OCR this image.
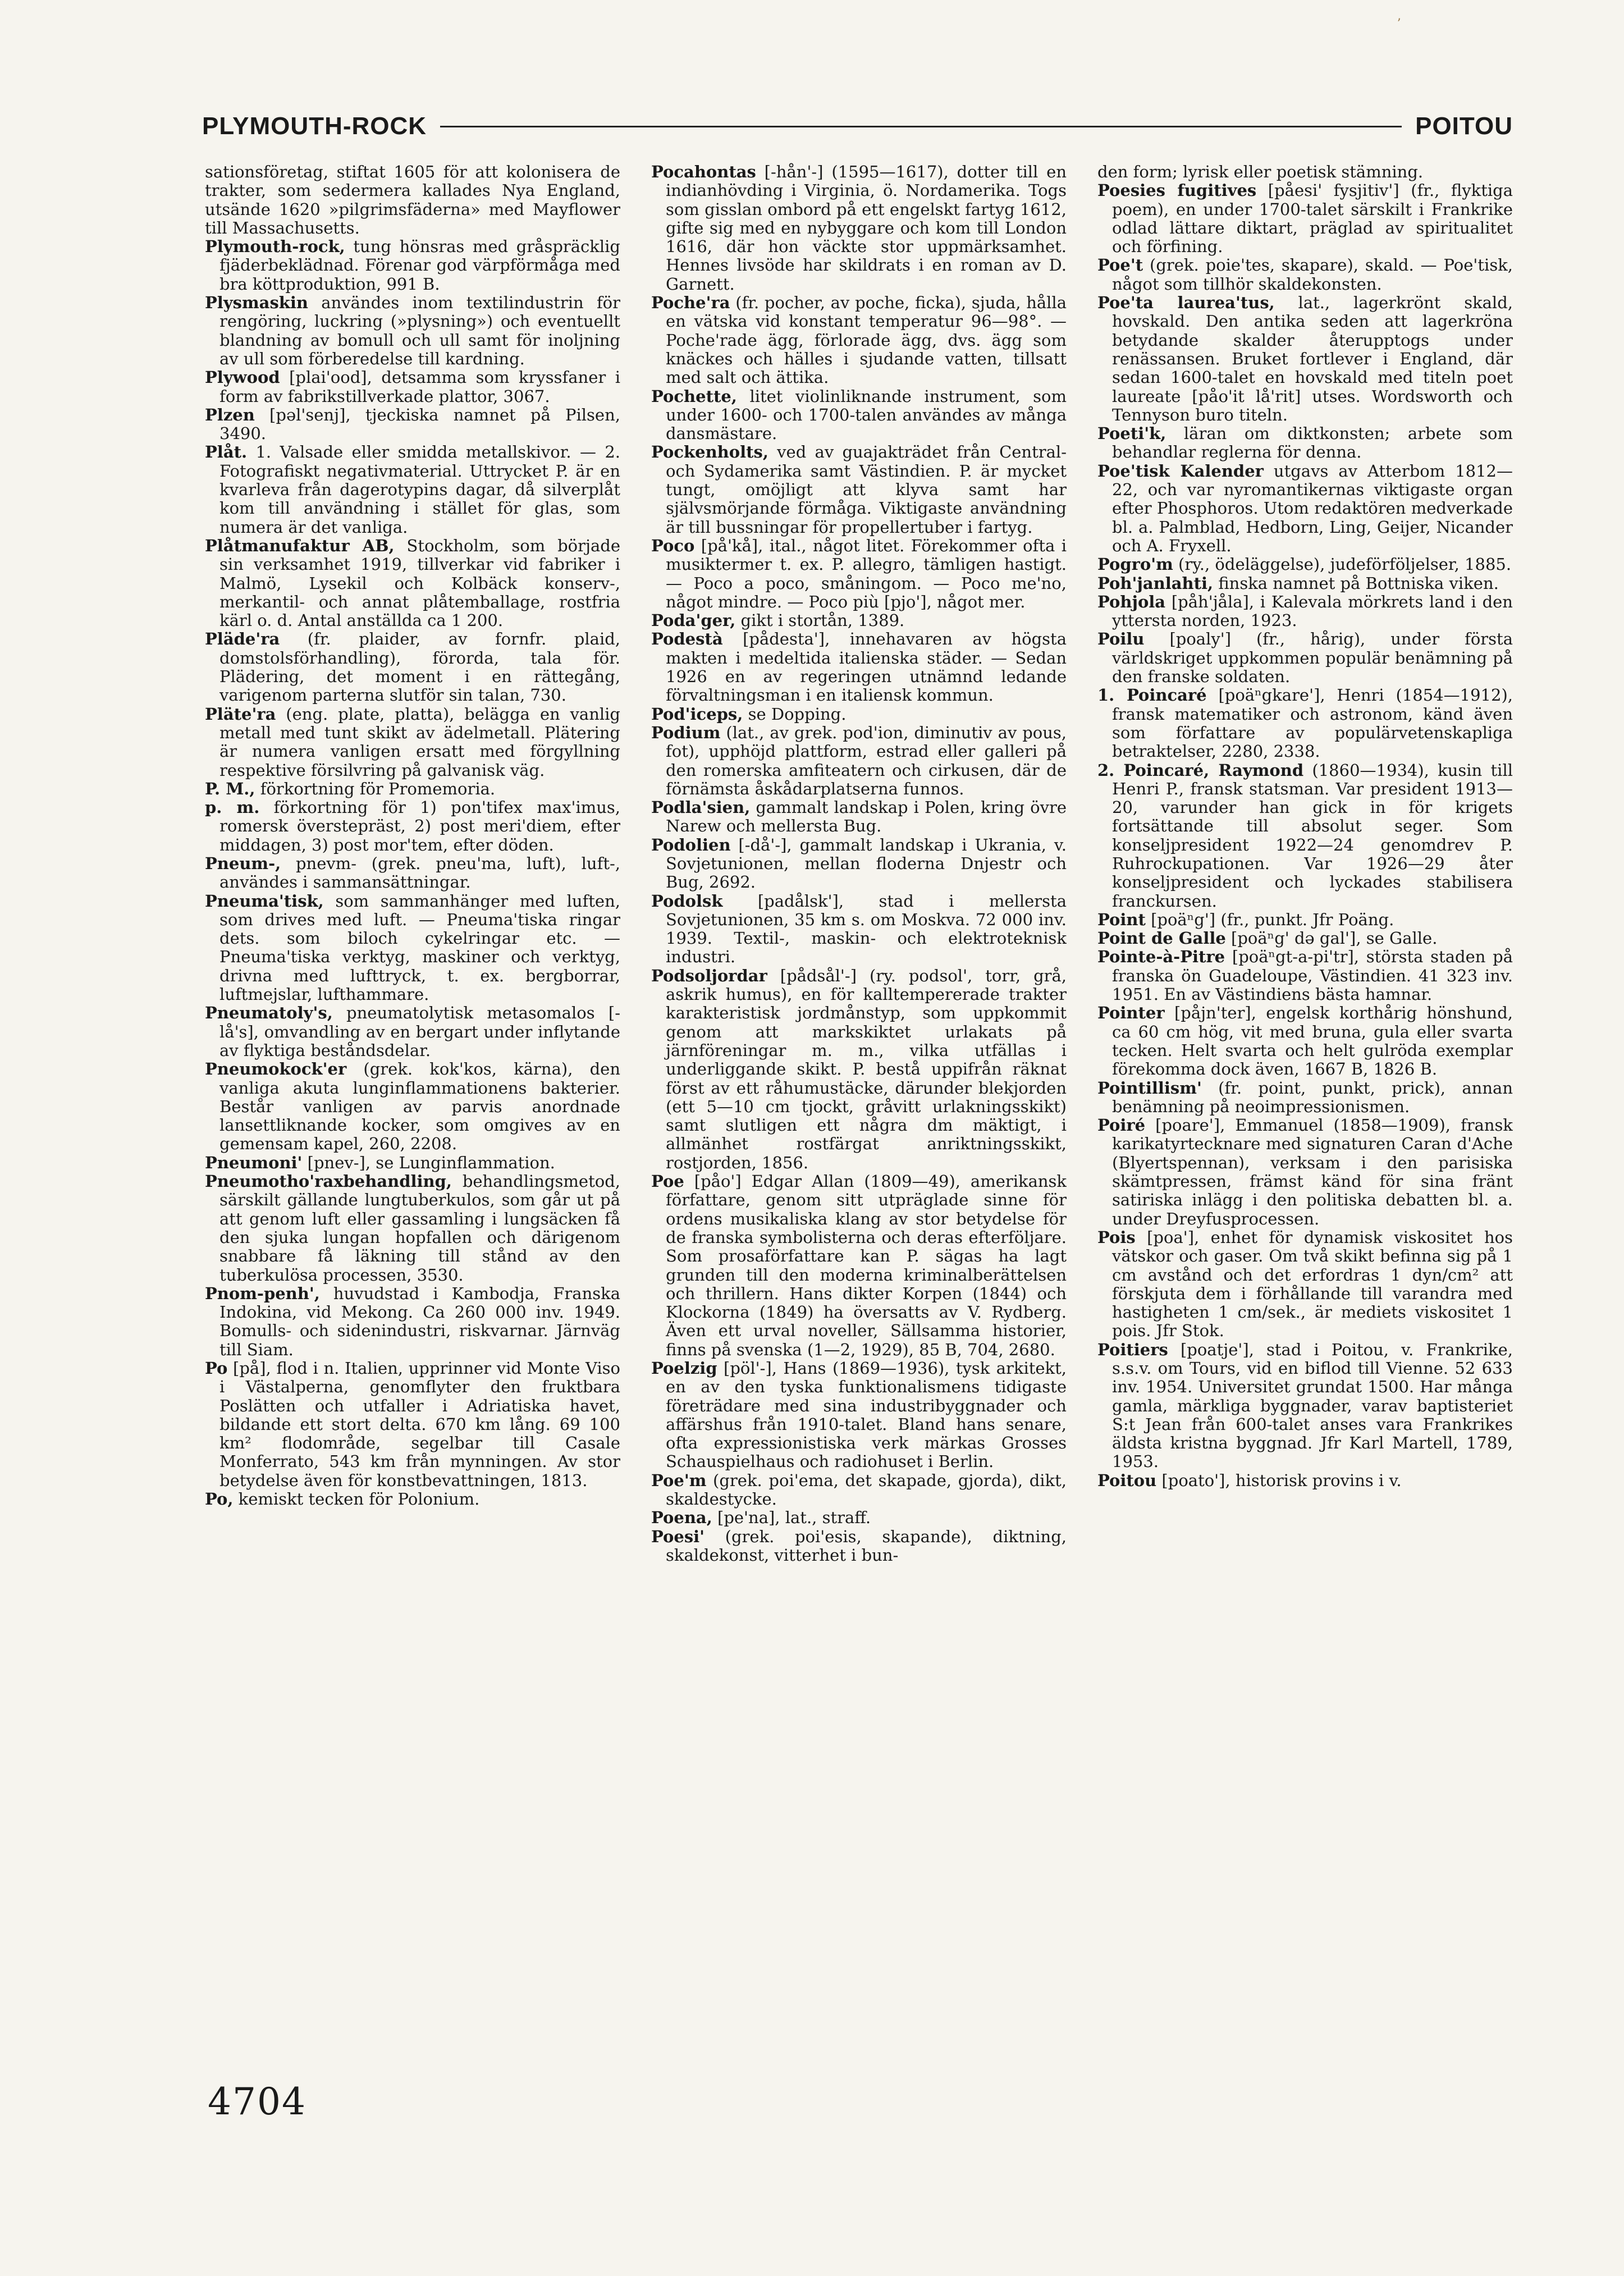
ʼ
PLYMOUTH-ROCK	POITOU

sationsföretag, stiftat 1605 för att kolonisera de trakter, som sedermera kallades Nya England, utsände 1620 »pilgrimsfäderna» med Mayflower till Massachusetts.

Plymouth-rock, tung hönsras med gråspräcklig fjäderbeklädnad. Förenar god värpförmåga med bra köttproduktion, 991 B.

Plysmaskin användes inom textilindustrin för rengöring, luckring (»plysning») och eventuellt blandning av bomull och ull samt för inoljning av ull som förberedelse till kardning.

Plywood [plai'ood], detsamma som kryssfaner i form av fabrikstillverkade plattor, 3067.

Plzen [pəl'senj], tjeckiska namnet på Pilsen, 3490.

Plåt. 1. Valsade eller smidda metallskivor. — 2. Fotografiskt negativmaterial. Uttrycket P. är en kvarleva från dagerotypins dagar, då silverplåt kom till användning i stället för glas, som numera är det vanliga.

Plåtmanufaktur AB, Stockholm, som började sin verksamhet 1919, tillverkar vid fabriker i Malmö, Lysekil och Kolbäck konserv-, merkantil- och annat plåtemballage, rostfria kärl o. d. Antal anställda ca 1 200.

Pläde'ra (fr. plaider, av fornfr. plaid, domstolsförhandling), förorda, tala för. Plädering, det moment i en rättegång, varigenom parterna slutför sin talan, 730.

Pläte'ra (eng. plate, platta), belägga en vanlig metall med tunt skikt av ädelmetall. Plätering är numera vanligen ersatt med förgyllning respektive försilvring på galvanisk väg.

P. M., förkortning för Promemoria.

p. m. förkortning för 1) pon'tifex max'imus, romersk överstepräst, 2) post meri'diem, efter middagen, 3) post mor'tem, efter döden.

Pneum-, pnevm- (grek. pneu'ma, luft), luft-, användes i sammansättningar.

Pneuma'tisk, som sammanhänger med luften, som drives med luft. — Pneuma'tiska ringar dets. som biloch cykelringar etc. — Pneuma'tiska verktyg, maskiner och verktyg, drivna med lufttryck, t. ex. bergborrar, luftmejslar, lufthammare.

Pneumatoly's, pneumatolytisk metasomalos [-lå's], omvandling av en bergart under inflytande av flyktiga beståndsdelar.

Pneumokock'er (grek. kok'kos, kärna), den vanliga akuta lunginflammationens bakterier. Består vanligen av parvis anordnade lansettliknande kocker, som omgives av en gemensam kapel, 260, 2208.

Pneumoni' [pnev-], se Lunginflammation.

Pneumotho'raxbehandling, behandlingsmetod, särskilt gällande lungtuberkulos, som går ut på att genom luft eller gassamling i lungsäcken få den sjuka lungan hopfallen och därigenom snabbare få läkning till stånd av den tuberkulösa processen, 3530.

Pnom-penh', huvudstad i Kambodja, Franska Indokina, vid Mekong. Ca 260 000 inv. 1949. Bomulls- och sidenindustri, riskvarnar. Järnväg till Siam.

Po [på], flod i n. Italien, upprinner vid Monte Viso i Västalperna, genomflyter den fruktbara Poslätten och utfaller i Adriatiska havet, bildande ett stort delta. 670 km lång. 69 100 km² flodområde, segelbar till Casale Monferrato, 543 km från mynningen. Av stor betydelse även för konstbevattningen, 1813.

Po, kemiskt tecken för Polonium.

Pocahontas [-hån'-] (1595—1617), dotter till en indianhövding i Virginia, ö. Nordamerika. Togs som gisslan ombord på ett engelskt fartyg 1612, gifte sig med en nybyggare och kom till London 1616, där hon väckte stor uppmärksamhet. Hennes livsöde har skildrats i en roman av D. Garnett.

Poche'ra (fr. pocher, av poche, ficka), sjuda, hålla en vätska vid konstant temperatur 96—98°. — Poche'rade ägg, förlorade ägg, dvs. ägg som knäckes och hälles i sjudande vatten, tillsatt med salt och ättika.

Pochette, litet violinliknande instrument, som under 1600- och 1700-talen användes av många dansmästare.

Pockenholts, ved av guajakträdet från Central- och Sydamerika samt Västindien. P. är mycket tungt, omöjligt att klyva samt har självsmörjande förmåga. Viktigaste användning är till bussningar för propellertuber i fartyg.

Poco [på'kå], ital., något litet. Förekommer ofta i musiktermer t. ex. P. allegro, tämligen hastigt. — Poco a poco, småningom. — Poco me'no, något mindre. — Poco più [pjo'], något mer.

Poda'ger, gikt i stortån, 1389.

Podestà [pådesta'], innehavaren av högsta makten i medeltida italienska städer. — Sedan 1926 en av regeringen utnämnd ledande förvaltningsman i en italiensk kommun.

Pod'iceps, se Dopping.

Podium (lat., av grek. pod'ion, diminutiv av pous, fot), upphöjd plattform, estrad eller galleri på den romerska amfiteatern och cirkusen, där de förnämsta åskådarplatserna funnos.

Podla'sien, gammalt landskap i Polen, kring övre Narew och mellersta Bug.

Podolien [-då'-], gammalt landskap i Ukrania, v. Sovjetunionen, mellan floderna Dnjestr och Bug, 2692.

Podolsk [padålsk'], stad i mellersta Sovjetunionen, 35 km s. om Moskva. 72 000 inv. 1939. Textil-, maskin- och elektroteknisk industri.

Podsoljordar [pådsål'-] (ry. podsol', torr, grå, askrik humus), en för kalltempererade trakter karakteristisk jordmånstyp, som uppkommit genom att markskiktet urlakats på järnföreningar m. m., vilka utfällas i underliggande skikt. P. bestå uppifrån räknat först av ett råhumustäcke, därunder blekjorden (ett 5—10 cm tjockt, gråvitt urlakningsskikt) samt slutligen ett några dm mäktigt, i allmänhet rostfärgat anriktningsskikt, rostjorden, 1856.

Poe [påo'] Edgar Allan (1809—49), amerikansk författare, genom sitt utpräglade sinne för ordens musikaliska klang av stor betydelse för de franska symbolisterna och deras efterföljare. Som prosaförfattare kan P. sägas ha lagt grunden till den moderna kriminalberättelsen och thrillern. Hans dikter Korpen (1844) och Klockorna (1849) ha översatts av V. Rydberg. Även ett urval noveller, Sällsamma historier, finns på svenska (1—2, 1929), 85 B, 704, 2680.

Poelzig [pöl'-], Hans (1869—1936), tysk arkitekt, en av den tyska funktionalismens tidigaste företrädare med sina industribyggnader och affärshus från 1910-talet. Bland hans senare, ofta expressionistiska verk märkas Grosses Schauspielhaus och radiohuset i Berlin.

Poe'm (grek. poi'ema, det skapade, gjorda), dikt, skaldestycke.

Poena, [pe'na], lat., straff.

Poesi' (grek. poi'esis, skapande), diktning, skaldekonst, vitterhet i bun-

den form; lyrisk eller poetisk stämning.

Poesies fugitives [påesi' fysjitiv'] (fr., flyktiga poem), en under 1700-talet särskilt i Frankrike odlad lättare diktart, präglad av spiritualitet och förfining.

Poe't (grek. poie'tes, skapare), skald. — Poe'tisk, något som tillhör skaldekonsten.

Poe'ta laurea'tus, lat., lagerkrönt skald, hovskald. Den antika seden att lagerkröna betydande skalder återupptogs under renässansen. Bruket fortlever i England, där sedan 1600-talet en hovskald med titeln poet laureate [påo'it lå'rit] utses. Wordsworth och Tennyson buro titeln.

Poeti'k, läran om diktkonsten; arbete som behandlar reglerna för denna.

Poe'tisk Kalender utgavs av Atterbom 1812—22, och var nyromantikernas viktigaste organ efter Phosphoros. Utom redaktören medverkade bl. a. Palmblad, Hedborn, Ling, Geijer, Nicander och A. Fryxell.

Pogro'm (ry., ödeläggelse), judeförföljelser, 1885.

Poh'janlahti, finska namnet på Bottniska viken.

Pohjola [påh'jåla], i Kalevala mörkrets land i den yttersta norden, 1923.

Poilu [poaly'] (fr., hårig), under första världskriget uppkommen populär benämning på den franske soldaten.

1. Poincaré [poäⁿgkare'], Henri (1854—1912), fransk matematiker och astronom, känd även som författare av populärvetenskapliga betraktelser, 2280, 2338.

2. Poincaré, Raymond (1860—1934), kusin till Henri P., fransk statsman. Var president 1913—20, varunder han gick in för krigets fortsättande till absolut seger. Som konseljpresident 1922—24 genomdrev P. Ruhrockupationen. Var 1926—29 åter konseljpresident och lyckades stabilisera franckursen.

Point [poäⁿg'] (fr., punkt. Jfr Poäng.

Point de Galle [poäⁿg' də gal'], se Galle.

Pointe-à-Pitre [poäⁿgt-a-pi'tr], största staden på franska ön Guadeloupe, Västindien. 41 323 inv. 1951. En av Västindiens bästa hamnar.

Pointer [påjn'ter], engelsk korthårig hönshund, ca 60 cm hög, vit med bruna, gula eller svarta tecken. Helt svarta och helt gulröda exemplar förekomma dock även, 1667 B, 1826 B.

Pointillism' (fr. point, punkt, prick), annan benämning på neoimpressionismen.

Poiré [poare'], Emmanuel (1858—1909), fransk karikatyrtecknare med signaturen Caran d'Ache (Blyertspennan), verksam i den parisiska skämtpressen, främst känd för sina fränt satiriska inlägg i den politiska debatten bl. a. under Dreyfusprocessen.

Pois [poa'], enhet för dynamisk viskositet hos vätskor och gaser. Om två skikt befinna sig på 1 cm avstånd och det erfordras 1 dyn/cm² att förskjuta dem i förhållande till varandra med hastigheten 1 cm/sek., är mediets viskositet 1 pois. Jfr Stok.

Poitiers [poatje'], stad i Poitou, v. Frankrike, s.s.v. om Tours, vid en biflod till Vienne. 52 633 inv. 1954. Universitet grundat 1500. Har många gamla, märkliga byggnader, varav baptisteriet S:t Jean från 600-talet anses vara Frankrikes äldsta kristna byggnad. Jfr Karl Martell, 1789, 1953.

Poitou [poato'], historisk provins i v.

4704
